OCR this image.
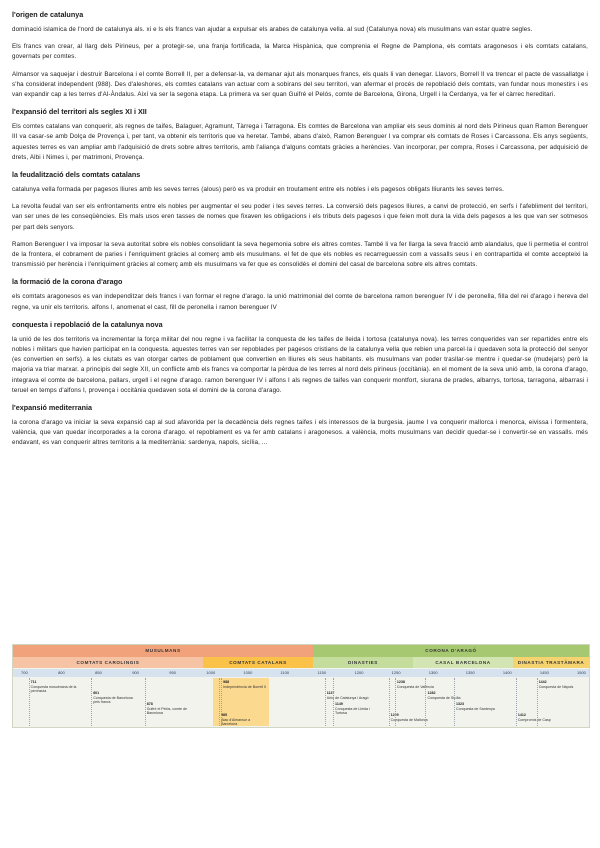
l'origen de catalunya
dominació islamica de l'nord de catalunya als. xi e ls els francs van ajudar a expulsar els arabes de catalunya vella. al sud (Catalunya nova) els musulmans van estar quatre segles.
Els francs van crear, al llarg dels Pirineus, per a protegir-se, una franja fortificada, la Marca Hispànica, que comprenia el Regne de Pamplona, els comtats aragonesos i els comtats catalans, governats per comtes.
Almansor va saquejar i destruir Barcelona i el comte Borrell II, per a defensar-la, va demanar ajut als monarques francs, els quals li van denegar. Llavors, Borrell II va trencar el pacte de vassallatge i s'ha considerat independent (988). Des d'aleshores, els comtes catalans van actuar com a sobirans del seu territori, van afermar el procés de repoblació dels comtats, van fundar nous monestirs i es van expandir cap a les terres d'Al-Àndalus. Així va ser la segona etapa. La primera va ser quan Guifré el Pelós, comte de Barcelona, Girona, Urgell i la Cerdanya, va fer el càrrec hereditari.
l'expansió del territori als segles XI i XII
Els comtes catalans van conquerir, als regnes de taifes, Balaguer, Agramunt, Tàrrega i Tarragona. Els comtes de Barcelona van ampliar els seus dominis al nord dels Pirineus quan Ramon Berenguer III va casar-se amb Dolça de Provença i, per tant, va obtenir els territoris que va heretar. També, abans d'això, Ramon Berenguer I va comprar els comtats de Roses i Carcassona. Els anys següents, aquestes terres es van ampliar amb l'adquisició de drets sobre altres territoris, amb l'aliança d'alguns comtats gràcies a herències. Van incorporar, per compra, Roses i Carcassona, per adquisició de drets, Albi i Nimes i, per matrimoni, Provença.
la feudalització dels comtats catalans
catalunya vella formada per pagesos lliures amb les seves terres (alous) però es va produir en troutament entre els nobles i els pagesos obligats lliurants les seves terres.
La revolta feudal van ser els enfrontaments entre els nobles per augmentar el seu poder i les seves terres. La conversió dels pagesos lliures, a canvi de protecció, en serfs i l'afebliment del territori, van ser unes de les conseqüències. Els mals usos eren tasses de nomes que fixaven les obligacions i els tributs dels pagesos i que feien molt dura la vida dels pagesos a les que van ser sotmesos per part dels senyors.
Ramon Berenguer I va imposar la seva autoritat sobre els nobles consolidant la seva hegemonia sobre els altres comtes. També li va fer llarga la seva fracció amb alandalus, que li permetia el control de la frontera, el cobrament de paries i l'enriquiment gràcies al comerç amb els musulmans. el fet de que els nobles es recarreguessin com a vassalls seus i en contrapartida el comte accepteixi la transmissió per herència i l'enriquiment gràcies al comerç amb els musulmans va fer que es consolidés el domini del casal de barcelona sobre els altres comtats.
la formació de la corona d'arago
els comtats aragonesos es van independitzar dels francs i van formar el regne d'arago. la unió matrimonial del comte de barcelona ramon berenguer IV i de peronella, filla del rei d'arago i hereva del regne, va unir els territoris. alfons I, anomenat el cast, fill de peronella i ramon berenguer IV
conquesta i repoblació de la catalunya nova
la unió de les dos territoris va incrementar la força militar del nou regne i va facilitar la conquesta de les taifes de lleida i tortosa (catalunya nova). les terres conquerides van ser repartides entre els nobles i militars que havien participat en la conquesta. aquestes terres van ser repoblades per pagesos cristians de la catalunya vella que rebien una parcel·la i quedaven sota la protecció del senyor (es convertien en serfs). a les ciutats es van otorgar cartes de poblament que convertien en lliures els seus habitants. els musulmans van poder trasllar-se mentre i quedar-se (mudejars) però la majoria va triar marxar. a principis del segle XII, un conflicte amb els francs va comportar la pèrdua de les terres al nord dels pirineus (occitània). en el moment de la seva unió amb, la corona d'arago, integrava el comte de barcelona, pallars, urgell i el regne d'arago. ramon berenguer IV i alfons I als regnes de taifes van conquerir montfort, siurana de prades, albarrys, tortosa, tarragona, albarrasi i teruel en temps d'alfons I, provença i occitània quedaven sota el domini de la corona d'arago.
l'expansió mediterrania
la corona d'arago va iniciar la seva expansió cap al sud afavorida per la decadència dels regnes taifes i els interessos de la burgesia. jaume I va conquerir mallorca i menorca, eivissa i formentera, valència, que van quedar incorporades a la corona d'arago. el repoblament es va fer amb catalans i aragonesos. a valència, molts musulmans van decidir quedar-se i convertir-se en vassalls. més endavant, es van conquerir altres territoris a la mediterrània: sardenya, napols, sicília, ...
MUSULMANS	CORONA D'ARAGÓ
COMTATS CAROLINGIS	COMTATS CATALANS	DINASTIES	CASAL BARCELONA	DINASTIA TRASTÀMARA
700	800	850	900	950	1000	1050	1100	1150	1200	1250	1300	1350	1400	1450	1500
711
Conquesta musulmana de la península	801
Conquesta de Barcelona pels francs	878
Guifré el Pelós, comte de Barcelona	985
Atac d'Almansor a Barcelona
988
Independència de Borrell II
1137
Unió de Catalunya i Aragó
1149
Conquesta de Lleida i Tortosa	1229
Conquesta de Mallorca
1238
Conquesta de València
1282
Conquesta de Sicília
1323
Conquesta de Sardenya
1412
Compromís de Casp
1442
Conquesta de Nàpols
